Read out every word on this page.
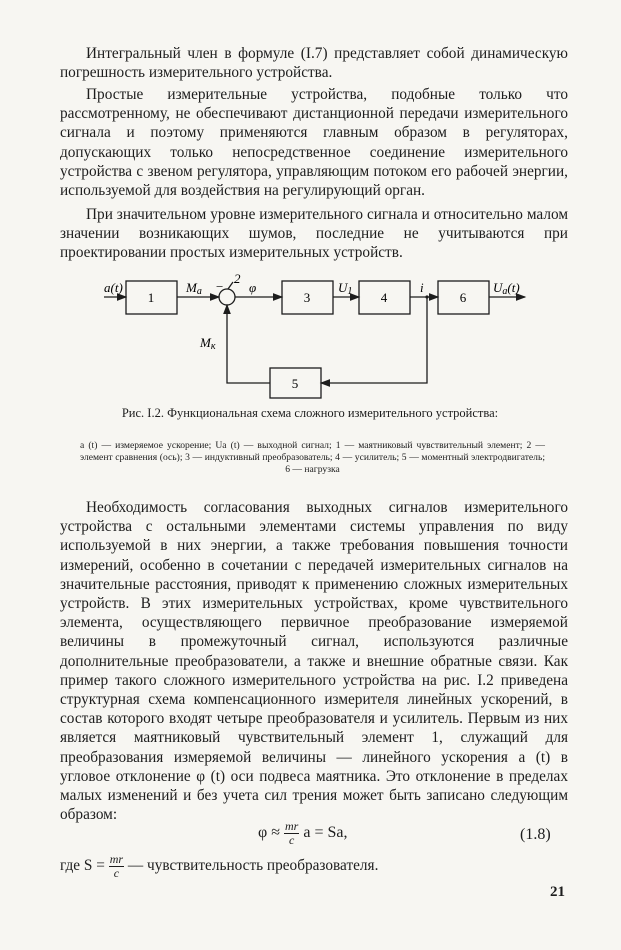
Интегральный член в формуле (I.7) представляет собой динамическую погрешность измерительного устройства.

Простые измерительные устройства, подобные только что рассмотренному, не обеспечивают дистанционной передачи измерительного сигнала и поэтому применяются главным образом в регуляторах, допускающих только непосредственное соединение измерительного устройства с звеном регулятора, управляющим потоком его рабочей энергии, используемой для воздействия на регулирующий орган.

При значительном уровне измерительного сигнала и относительно малом значении возникающих шумов, последние не учитываются при проектировании простых измерительных устройств.

1	3	4	6
5
a(t)
2
Ma − φ	U1	i	Ua(t)
Mк
Рис. I.2. Функциональная схема сложного измерительного устройства:
a (t) — измеряемое ускорение; Ua (t) — выходной сигнал; 1 — маятниковый чувствительный элемент; 2 — элемент сравнения (ось); 3 — индуктивный преобразователь; 4 — усилитель; 5 — моментный электродвигатель; 6 — нагрузка

Необходимость согласования выходных сигналов измерительного устройства с остальными элементами системы управления по виду используемой в них энергии, а также требования повышения точности измерений, особенно в сочетании с передачей измерительных сигналов на значительные расстояния, приводят к применению сложных измерительных устройств. В этих измерительных устройствах, кроме чувствительного элемента, осуществляющего первичное преобразование измеряемой величины в промежуточный сигнал, используются различные дополнительные преобразователи, а также и внешние обратные связи. Как пример такого сложного измерительного устройства на рис. I.2 приведена структурная схема компенсационного измерителя линейных ускорений, в состав которого входят четыре преобразователя и усилитель. Первым из них является маятниковый чувствительный элемент 1, служащий для преобразования измеряемой величины — линейного ускорения a (t) в угловое отклонение φ (t) оси подвеса маятника. Это отклонение в пределах малых изменений и без учета сил трения может быть записано следующим образом:

$\varphi \approx \frac{mr}{c}$ a = Sa,	(1.8)
где $S = \frac{mr}{c}$ — чувствительность преобразователя.
21
